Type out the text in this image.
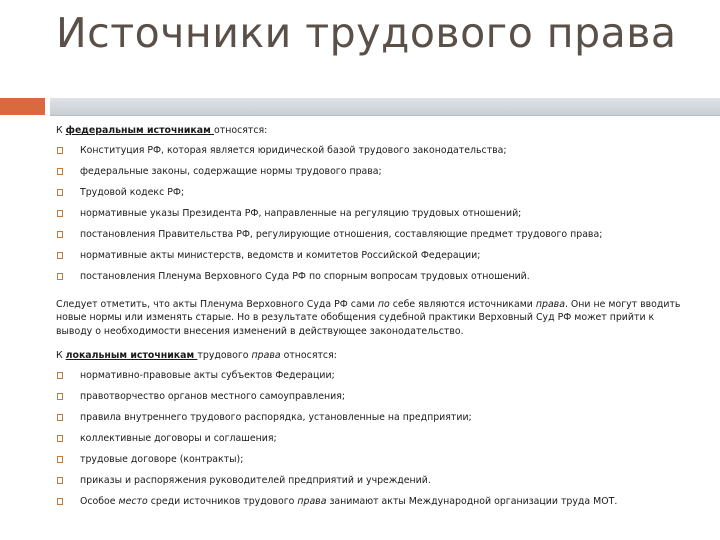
Источники трудового права

К федеральным источникам относятся:

Конституция РФ, которая является юридической базой трудового законодательства;
федеральные законы, содержащие нормы трудового права;
Трудовой кодекс РФ;
нормативные указы Президента РФ, направленные на регуляцию трудовых отношений;
постановления Правительства РФ, регулирующие отношения, составляющие предмет трудового права;
нормативные акты министерств, ведомств и комитетов Российской Федерации;
постановления Пленума Верховного Суда РФ по спорным вопросам трудовых отношений.

Следует отметить, что акты Пленума Верховного Суда РФ сами по себе являются источниками права. Они не могут вводить новые нормы или изменять старые. Но в результате обобщения судебной практики Верховный Суд РФ может прийти к выводу о необходимости внесения изменений в действующее законодательство.

К локальным источникам трудового права относятся:

нормативно-правовые акты субъектов Федерации;
правотворчество органов местного самоуправления;
правила внутреннего трудового распорядка, установленные на предприятии;
коллективные договоры и соглашения;
трудовые договоре (контракты);
приказы и распоряжения руководителей предприятий и учреждений.
Особое место среди источников трудового права занимают акты Международной организации труда МОТ.
